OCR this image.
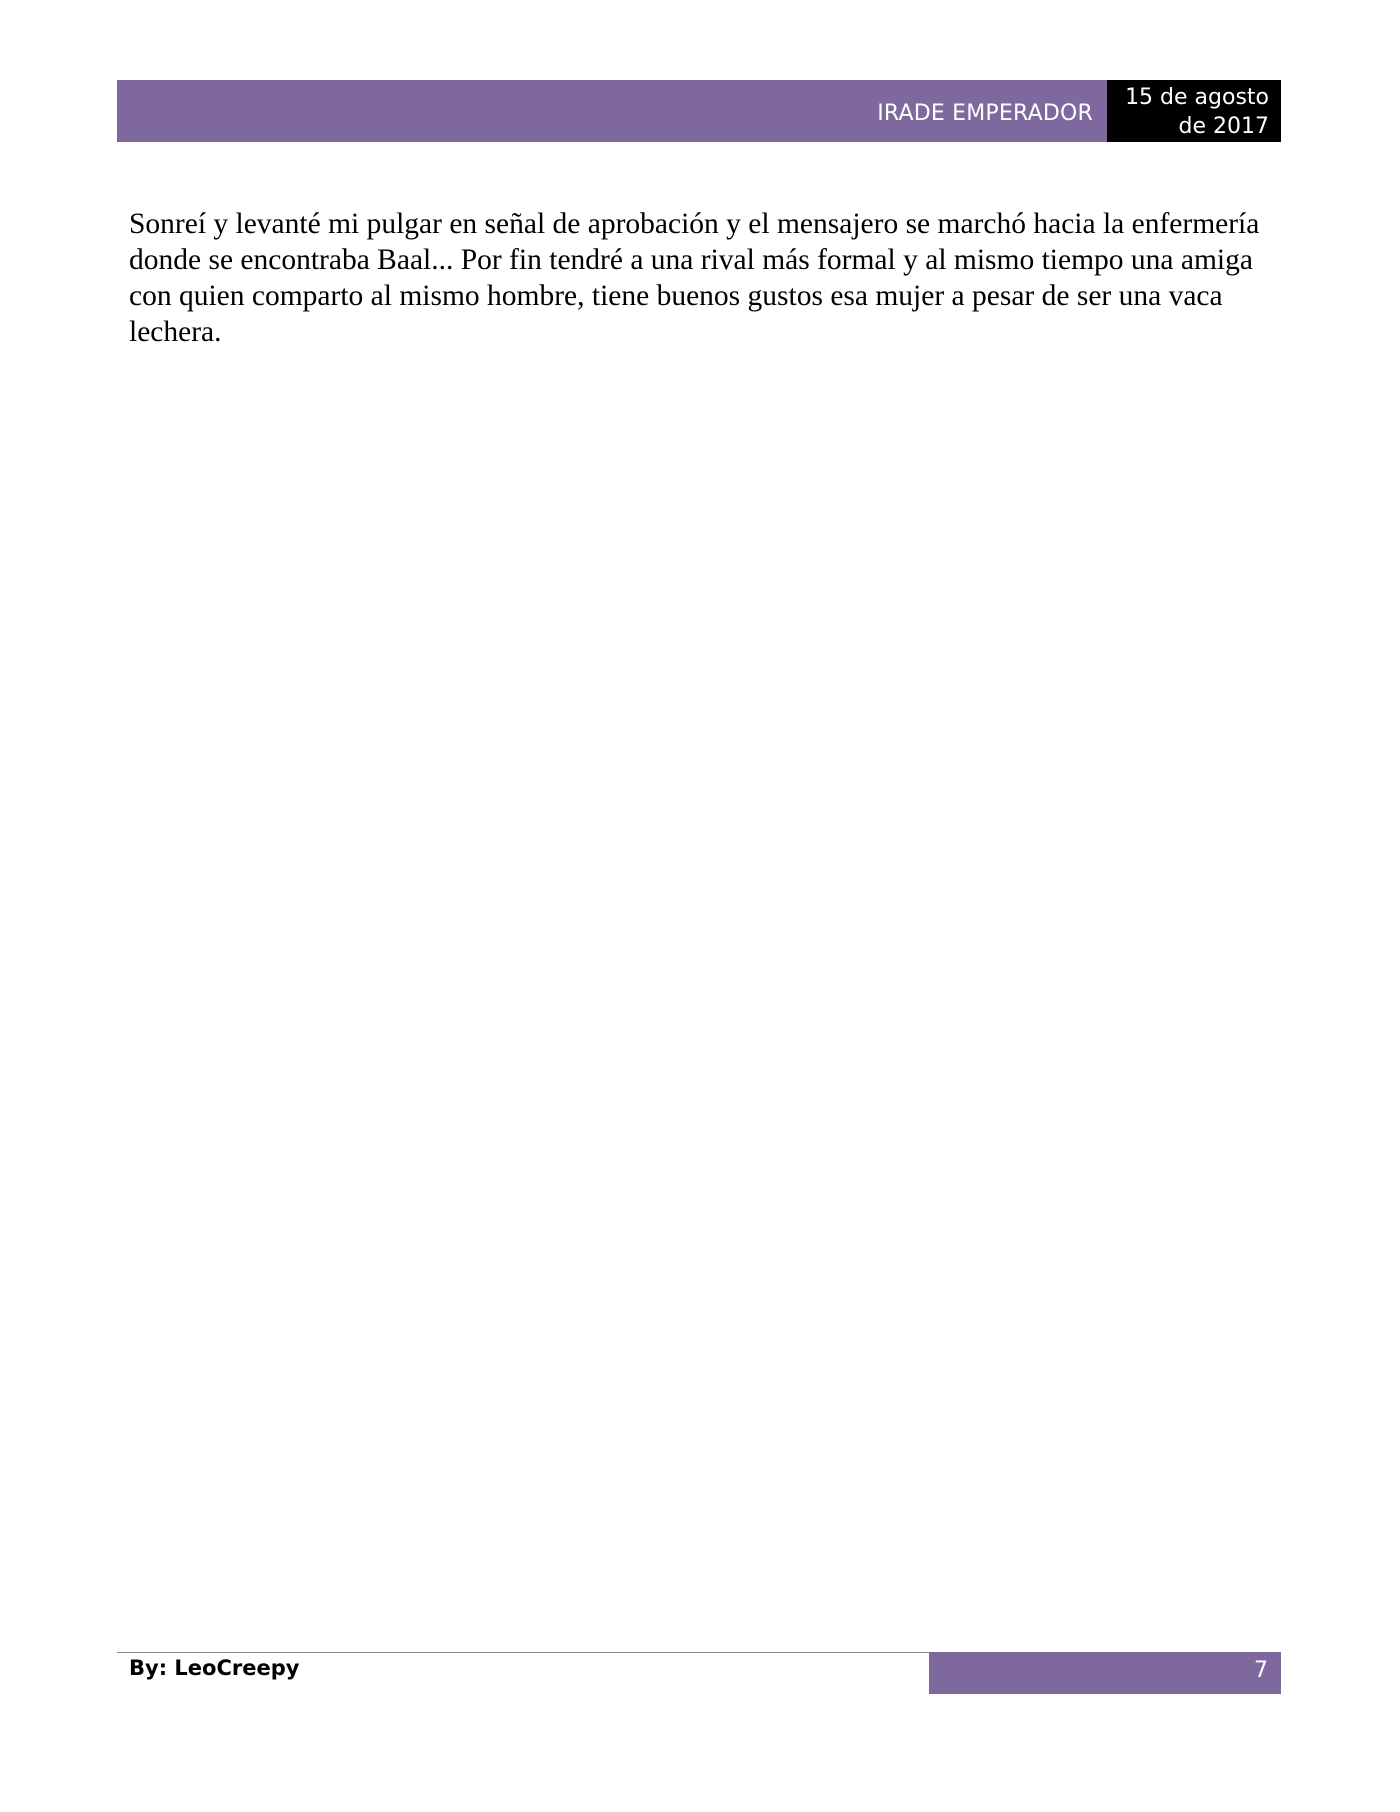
IRADE EMPERADOR
15 de agosto
de 2017

Sonreí y levanté mi pulgar en señal de aprobación y el mensajero se marchó hacia la enfermería donde se encontraba Baal... Por fin tendré a una rival más formal y al mismo tiempo una amiga con quien comparto al mismo hombre, tiene buenos gustos esa mujer a pesar de ser una vaca lechera.

By: LeoCreepy	7
